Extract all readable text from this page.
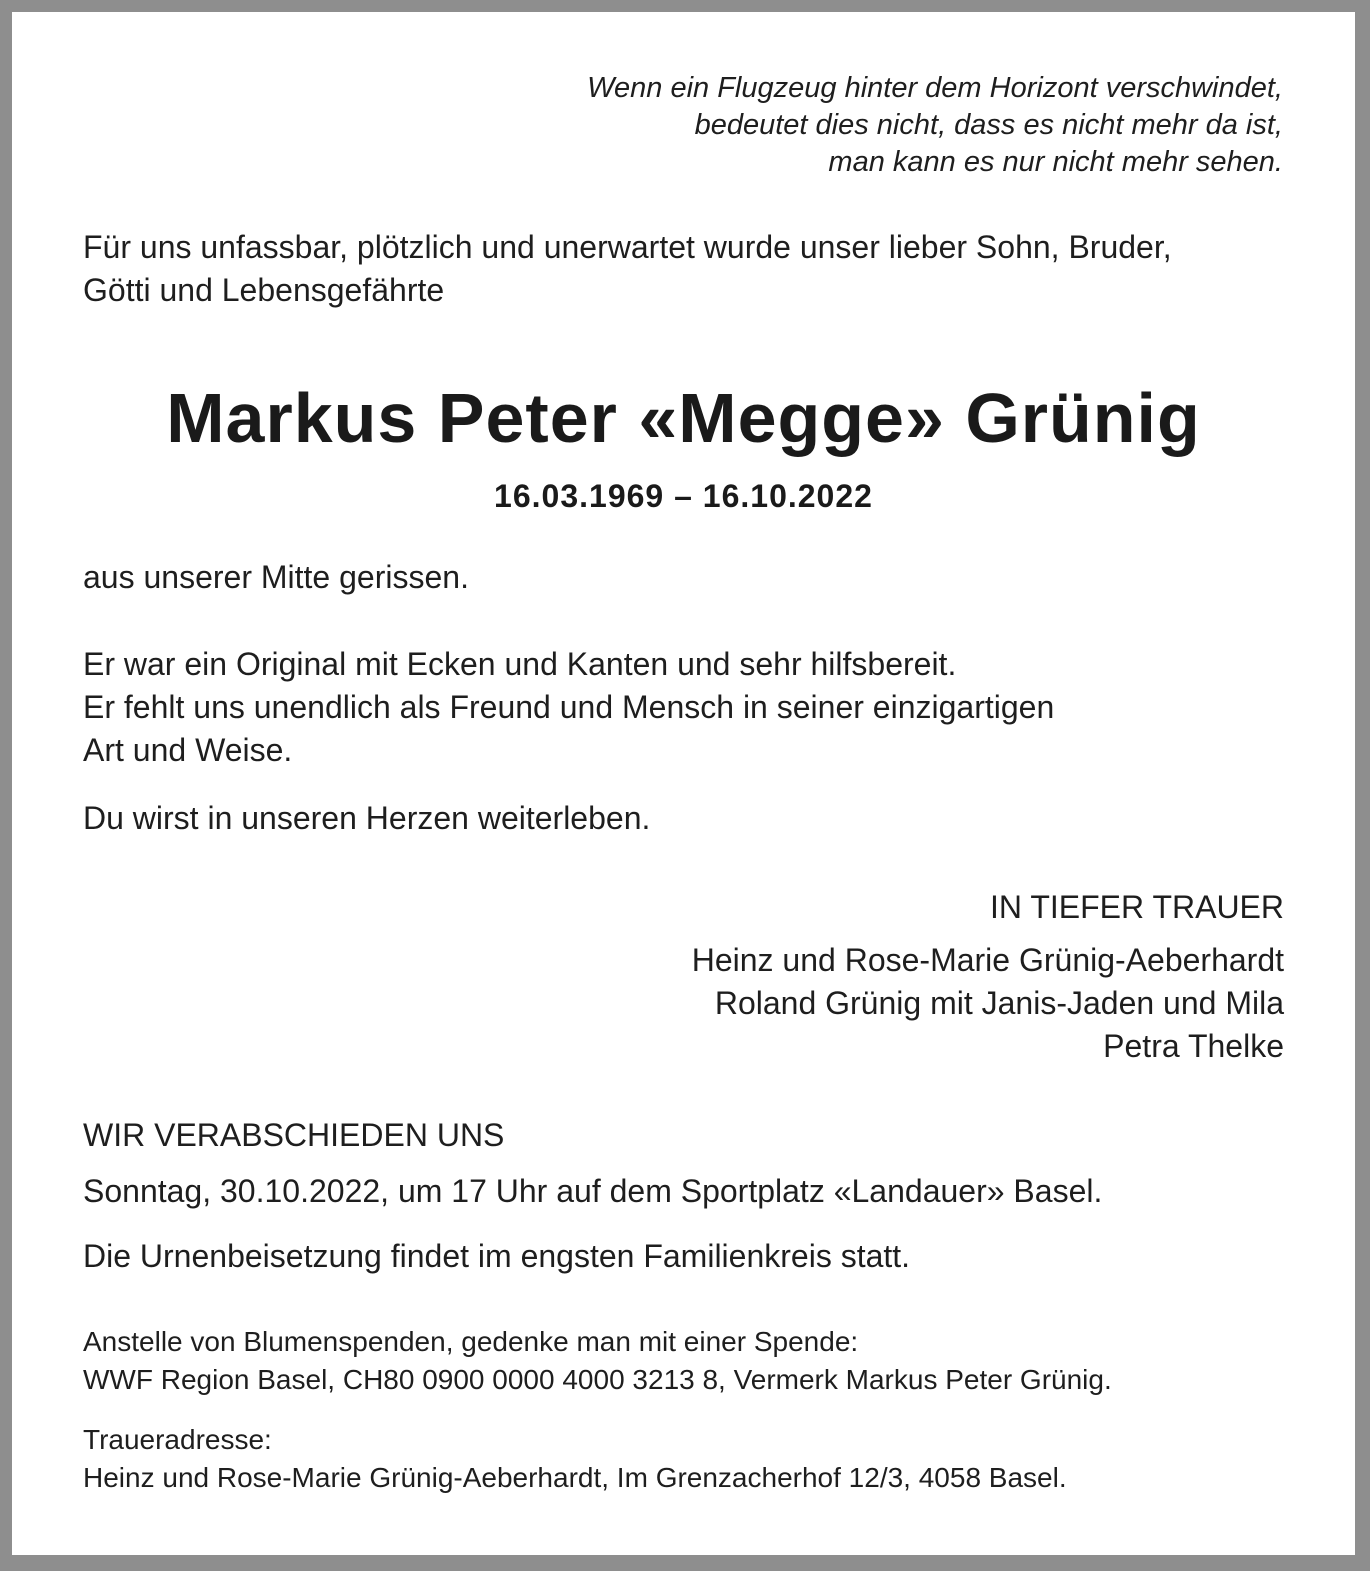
Wenn ein Flugzeug hinter dem Horizont verschwindet,
bedeutet dies nicht, dass es nicht mehr da ist,
man kann es nur nicht mehr sehen.

Für uns unfassbar, plötzlich und unerwartet wurde unser lieber Sohn, Bruder,
Götti und Lebensgefährte

Markus Peter «Megge» Grünig

16.03.1969 – 16.10.2022

aus unserer Mitte gerissen.

Er war ein Original mit Ecken und Kanten und sehr hilfsbereit.
Er fehlt uns unendlich als Freund und Mensch in seiner einzigartigen
Art und Weise.

Du wirst in unseren Herzen weiterleben.

IN TIEFER TRAUER

Heinz und Rose-Marie Grünig-Aeberhardt
Roland Grünig mit Janis-Jaden und Mila
Petra Thelke

WIR VERABSCHIEDEN UNS

Sonntag, 30.10.2022, um 17 Uhr auf dem Sportplatz «Landauer» Basel.

Die Urnenbeisetzung findet im engsten Familienkreis statt.

Anstelle von Blumenspenden, gedenke man mit einer Spende:
WWF Region Basel, CH80 0900 0000 4000 3213 8, Vermerk Markus Peter Grünig.

Traueradresse:
Heinz und Rose-Marie Grünig-Aeberhardt, Im Grenzacherhof 12/3, 4058 Basel.
